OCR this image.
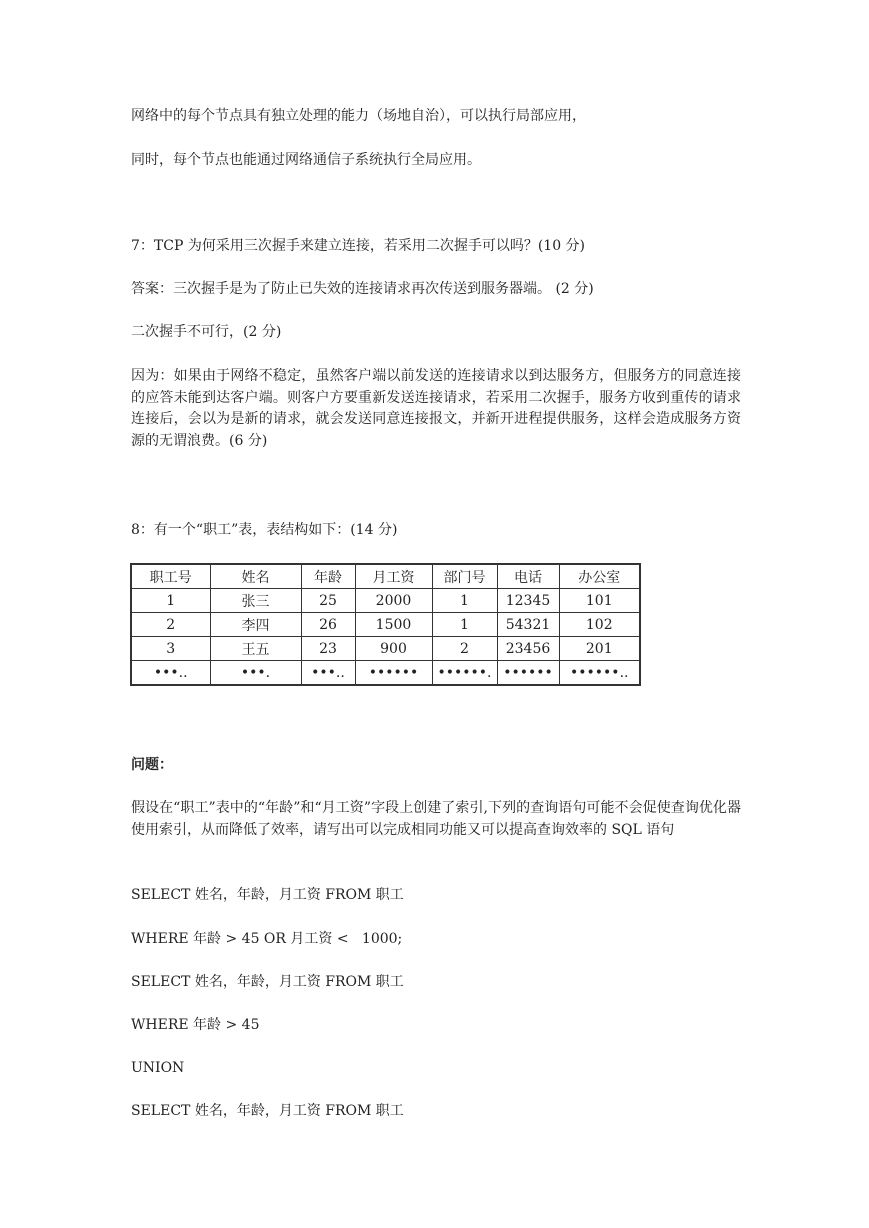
网络中的每个节点具有独立处理的能力（场地自治），可以执行局部应用，

同时，每个节点也能通过网络通信子系统执行全局应用。

7：TCP 为何采用三次握手来建立连接，若采用二次握手可以吗？(10 分)

答案：三次握手是为了防止已失效的连接请求再次传送到服务器端。 (2 分)

二次握手不可行，(2 分)

因为：如果由于网络不稳定，虽然客户端以前发送的连接请求以到达服务方，但服务方的同意连接的应答未能到达客户端。则客户方要重新发送连接请求，若采用二次握手，服务方收到重传的请求连接后，会以为是新的请求，就会发送同意连接报文，并新开进程提供服务，这样会造成服务方资源的无谓浪费。(6 分)

8：有一个“职工”表，表结构如下：(14 分)

职工号	姓名	年龄	月工资	部门号	电话	办公室
1	张三	25	2000	1	12345	101
2	李四	26	1500	1	54321	102
3	王五	23	900	2	23456	201
•••..	•••.	•••..	••••••	••••••.	••••••	••••••..

问题：

假设在“职工”表中的“年龄”和“月工资”字段上创建了索引,下列的查询语句可能不会促使查询优化器使用索引，从而降低了效率，请写出可以完成相同功能又可以提高查询效率的 SQL 语句

SELECT 姓名，年龄，月工资 FROM 职工

WHERE 年龄 > 45 OR 月工资 <   1000;

SELECT 姓名，年龄，月工资 FROM 职工

WHERE 年龄 > 45

UNION

SELECT 姓名，年龄，月工资 FROM 职工
